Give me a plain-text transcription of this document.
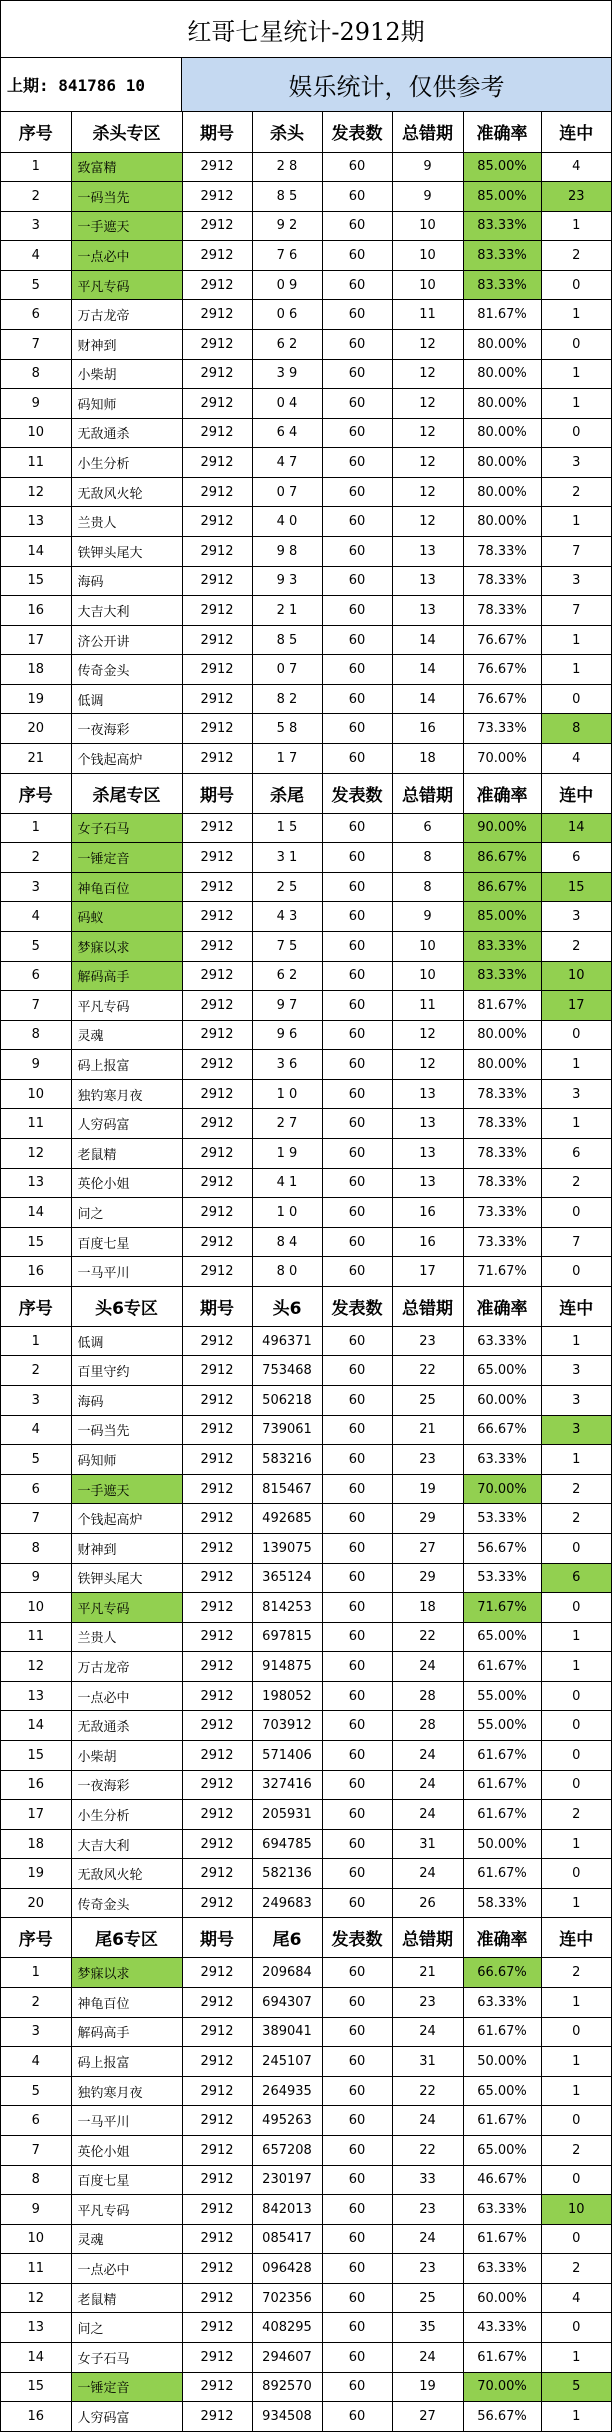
红哥七星统计-2912期
上期: 841786 10	娱乐统计，仅供参考
序号	杀头专区	期号	杀头	发表数	总错期	准确率	连中
1	致富精	2912	2 8	60	9	85.00%	4
2	一码当先	2912	8 5	60	9	85.00%	23
3	一手遮天	2912	9 2	60	10	83.33%	1
4	一点必中	2912	7 6	60	10	83.33%	2
5	平凡专码	2912	0 9	60	10	83.33%	0
6	万古龙帝	2912	0 6	60	11	81.67%	1
7	财神到	2912	6 2	60	12	80.00%	0
8	小柴胡	2912	3 9	60	12	80.00%	1
9	码知师	2912	0 4	60	12	80.00%	1
10	无敌通杀	2912	6 4	60	12	80.00%	0
11	小生分析	2912	4 7	60	12	80.00%	3
12	无敌风火轮	2912	0 7	60	12	80.00%	2
13	兰贵人	2912	4 0	60	12	80.00%	1
14	铁钾头尾大	2912	9 8	60	13	78.33%	7
15	海码	2912	9 3	60	13	78.33%	3
16	大吉大利	2912	2 1	60	13	78.33%	7
17	济公开讲	2912	8 5	60	14	76.67%	1
18	传奇金头	2912	0 7	60	14	76.67%	1
19	低调	2912	8 2	60	14	76.67%	0
20	一夜海彩	2912	5 8	60	16	73.33%	8
21	个钱起高炉	2912	1 7	60	18	70.00%	4
序号	杀尾专区	期号	杀尾	发表数	总错期	准确率	连中
1	女子石马	2912	1 5	60	6	90.00%	14
2	一锤定音	2912	3 1	60	8	86.67%	6
3	神龟百位	2912	2 5	60	8	86.67%	15
4	码蚁	2912	4 3	60	9	85.00%	3
5	梦寐以求	2912	7 5	60	10	83.33%	2
6	解码高手	2912	6 2	60	10	83.33%	10
7	平凡专码	2912	9 7	60	11	81.67%	17
8	灵魂	2912	9 6	60	12	80.00%	0
9	码上报富	2912	3 6	60	12	80.00%	1
10	独钓寒月夜	2912	1 0	60	13	78.33%	3
11	人穷码富	2912	2 7	60	13	78.33%	1
12	老鼠精	2912	1 9	60	13	78.33%	6
13	英伦小姐	2912	4 1	60	13	78.33%	2
14	问之	2912	1 0	60	16	73.33%	0
15	百度七星	2912	8 4	60	16	73.33%	7
16	一马平川	2912	8 0	60	17	71.67%	0
序号	头6专区	期号	头6	发表数	总错期	准确率	连中
1	低调	2912	496371	60	23	63.33%	1
2	百里守约	2912	753468	60	22	65.00%	3
3	海码	2912	506218	60	25	60.00%	3
4	一码当先	2912	739061	60	21	66.67%	3
5	码知师	2912	583216	60	23	63.33%	1
6	一手遮天	2912	815467	60	19	70.00%	2
7	个钱起高炉	2912	492685	60	29	53.33%	2
8	财神到	2912	139075	60	27	56.67%	0
9	铁钾头尾大	2912	365124	60	29	53.33%	6
10	平凡专码	2912	814253	60	18	71.67%	0
11	兰贵人	2912	697815	60	22	65.00%	1
12	万古龙帝	2912	914875	60	24	61.67%	1
13	一点必中	2912	198052	60	28	55.00%	0
14	无敌通杀	2912	703912	60	28	55.00%	0
15	小柴胡	2912	571406	60	24	61.67%	0
16	一夜海彩	2912	327416	60	24	61.67%	0
17	小生分析	2912	205931	60	24	61.67%	2
18	大吉大利	2912	694785	60	31	50.00%	1
19	无敌风火轮	2912	582136	60	24	61.67%	0
20	传奇金头	2912	249683	60	26	58.33%	1
序号	尾6专区	期号	尾6	发表数	总错期	准确率	连中
1	梦寐以求	2912	209684	60	21	66.67%	2
2	神龟百位	2912	694307	60	23	63.33%	1
3	解码高手	2912	389041	60	24	61.67%	0
4	码上报富	2912	245107	60	31	50.00%	1
5	独钓寒月夜	2912	264935	60	22	65.00%	1
6	一马平川	2912	495263	60	24	61.67%	0
7	英伦小姐	2912	657208	60	22	65.00%	2
8	百度七星	2912	230197	60	33	46.67%	0
9	平凡专码	2912	842013	60	23	63.33%	10
10	灵魂	2912	085417	60	24	61.67%	0
11	一点必中	2912	096428	60	23	63.33%	2
12	老鼠精	2912	702356	60	25	60.00%	4
13	问之	2912	408295	60	35	43.33%	0
14	女子石马	2912	294607	60	24	61.67%	1
15	一锤定音	2912	892570	60	19	70.00%	5
16	人穷码富	2912	934508	60	27	56.67%	1
